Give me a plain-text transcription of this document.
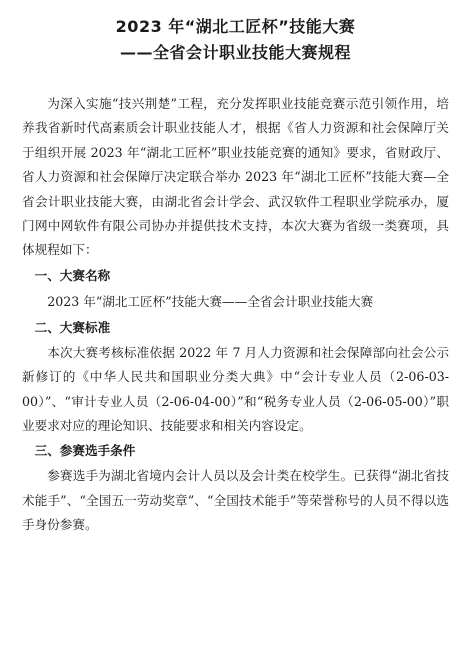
2023 年“湖北工匠杯”技能大赛
——全省会计职业技能大赛规程

为深入实施“技兴荆楚”工程，充分发挥职业技能竞赛示范引领作用，培养我省新时代高素质会计职业技能人才，根据《省人力资源和社会保障厅关于组织开展 2023 年“湖北工匠杯”职业技能竞赛的通知》要求，省财政厅、省人力资源和社会保障厅决定联合举办 2023 年“湖北工匠杯”技能大赛—全省会计职业技能大赛，由湖北省会计学会、武汉软件工程职业学院承办，厦门网中网软件有限公司协办并提供技术支持，本次大赛为省级一类赛项，具体规程如下：

一、大赛名称

2023 年“湖北工匠杯”技能大赛——全省会计职业技能大赛

二、大赛标准

本次大赛考核标准依据 2022 年 7 月人力资源和社会保障部向社会公示新修订的《中华人民共和国职业分类大典》中“会计专业人员（2-06-03-00）”、“审计专业人员（2-06-04-00）”和“税务专业人员（2-06-05-00）”职业要求对应的理论知识、技能要求和相关内容设定。

三、参赛选手条件

参赛选手为湖北省境内会计人员以及会计类在校学生。已获得“湖北省技术能手”、“全国五一劳动奖章”、“全国技术能手”等荣誉称号的人员不得以选手身份参赛。
